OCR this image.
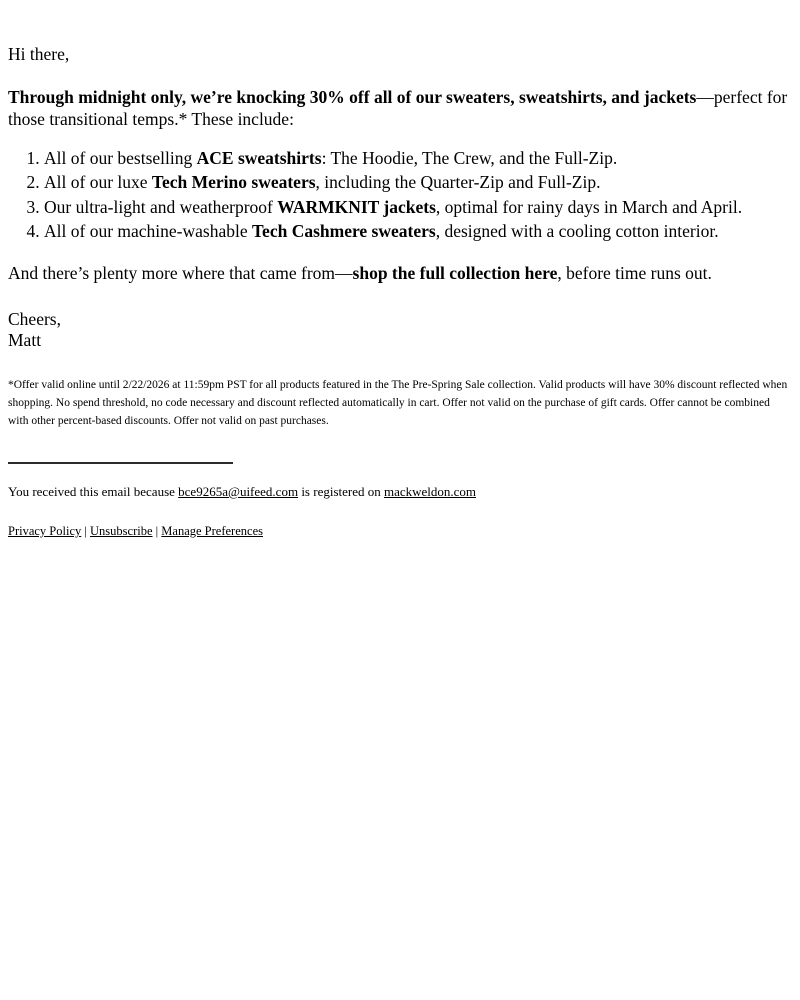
Hi there,

Through midnight only, we’re knocking 30% off all of our sweaters, sweatshirts, and jackets—perfect for those transitional temps.* These include:

1. All of our bestselling ACE sweatshirts: The Hoodie, The Crew, and the Full-Zip.
2. All of our luxe Tech Merino sweaters, including the Quarter-Zip and Full-Zip.
3. Our ultra-light and weatherproof WARMKNIT jackets, optimal for rainy days in March and April.
4. All of our machine-washable Tech Cashmere sweaters, designed with a cooling cotton interior.

And there’s plenty more where that came from—shop the full collection here, before time runs out.

Cheers,
Matt

*Offer valid online until 2/22/2026 at 11:59pm PST for all products featured in the The Pre-Spring Sale collection. Valid products will have 30% discount reflected when shopping. No spend threshold, no code necessary and discount reflected automatically in cart. Offer not valid on the purchase of gift cards. Offer cannot be combined with other percent-based discounts. Offer not valid on past purchases.

You received this email because bce9265a@uifeed.com is registered on mackweldon.com

Privacy Policy | Unsubscribe | Manage Preferences
